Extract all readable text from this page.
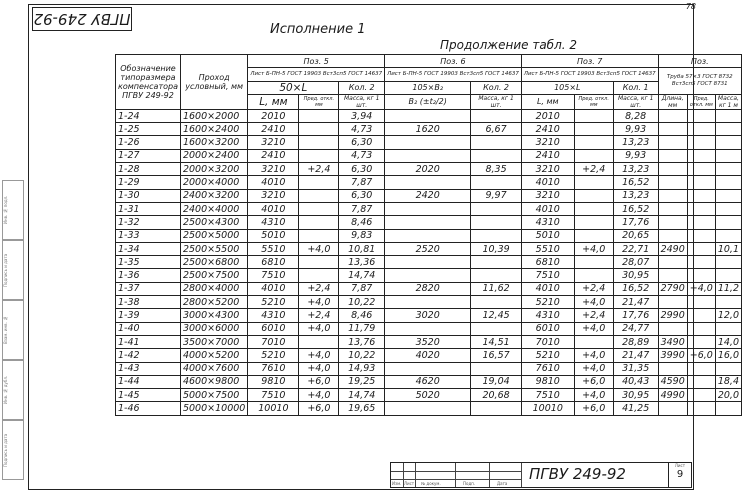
ПГВУ 249-92
78
Исполнение 1
Продолжение табл. 2
Инв. № подл.
Подпись и дата
Взам. инв. №
Инв. № дубл.
Подпись и дата
Обозначение типоразмера компенсатора ПГВУ 249-92	Проход условный, мм	Поз. 5			Поз. 6		Поз. 7			Поз.		
		Лист Б-ПН-5 ГОСТ 19903 Вст3сп5 ГОСТ 14637			Лист Б-ПН-5 ГОСТ 19903 Вст3сп5 ГОСТ 14637		Лист Б-ПН-5 ГОСТ 19903 Вст3сп5 ГОСТ 14637			Труба 57×3 ГОСТ 8732 Вст3сп5 ГОСТ 8731		
		50×L		Кол. 2	105×B₂	Кол. 2	105×L		Кол. 1			
		L, мм	Пред. откл. мм	Масса, кг 1 шт.	B₂ (±t₂/2)	Масса, кг 1 шт.	L, мм	Пред. откл. мм	Масса, кг 1 шт.	Длина, мм	Пред. откл. мм	Масса, кг 1 м
1-24	1600×2000	2010		3,94			2010		8,28			
1-25	1600×2400	2410		4,73	1620	6,67	2410		9,93			
1-26	1600×3200	3210		6,30			3210		13,23			
1-27	2000×2400	2410		4,73			2410		9,93			
1-28	2000×3200	3210	+2,4	6,30	2020	8,35	3210	+2,4	13,23			
1-29	2000×4000	4010		7,87			4010		16,52			
1-30	2400×3200	3210		6,30	2420	9,97	3210		13,23			
1-31	2400×4000	4010		7,87			4010		16,52			
1-32	2500×4300	4310		8,46			4310		17,76			
1-33	2500×5000	5010		9,83			5010		20,65			
1-34	2500×5500	5510	+4,0	10,81	2520	10,39	5510	+4,0	22,71	2490		10,1
1-35	2500×6800	6810		13,36			6810		28,07			
1-36	2500×7500	7510		14,74			7510		30,95			
1-37	2800×4000	4010	+2,4	7,87	2820	11,62	4010	+2,4	16,52	2790	+4,0	11,2
1-38	2800×5200	5210	+4,0	10,22			5210	+4,0	21,47			
1-39	3000×4300	4310	+2,4	8,46	3020	12,45	4310	+2,4	17,76	2990		12,0
1-40	3000×6000	6010	+4,0	11,79			6010	+4,0	24,77			
1-41	3500×7000	7010		13,76	3520	14,51	7010		28,89	3490		14,0
1-42	4000×5200	5210	+4,0	10,22	4020	16,57	5210	+4,0	21,47	3990	+6,0	16,0
1-43	4000×7600	7610	+4,0	14,93			7610	+4,0	31,35			
1-44	4600×9800	9810	+6,0	19,25	4620	19,04	9810	+6,0	40,43	4590		18,4
1-45	5000×7500	7510	+4,0	14,74	5020	20,68	7510	+4,0	30,95	4990		20,0
1-46	5000×10000	10010	+6,0	19,65			10010	+6,0	41,25			
Изм. Лист № докум.	Подп.	Дата
ПГВУ 249-92	Лист
9
